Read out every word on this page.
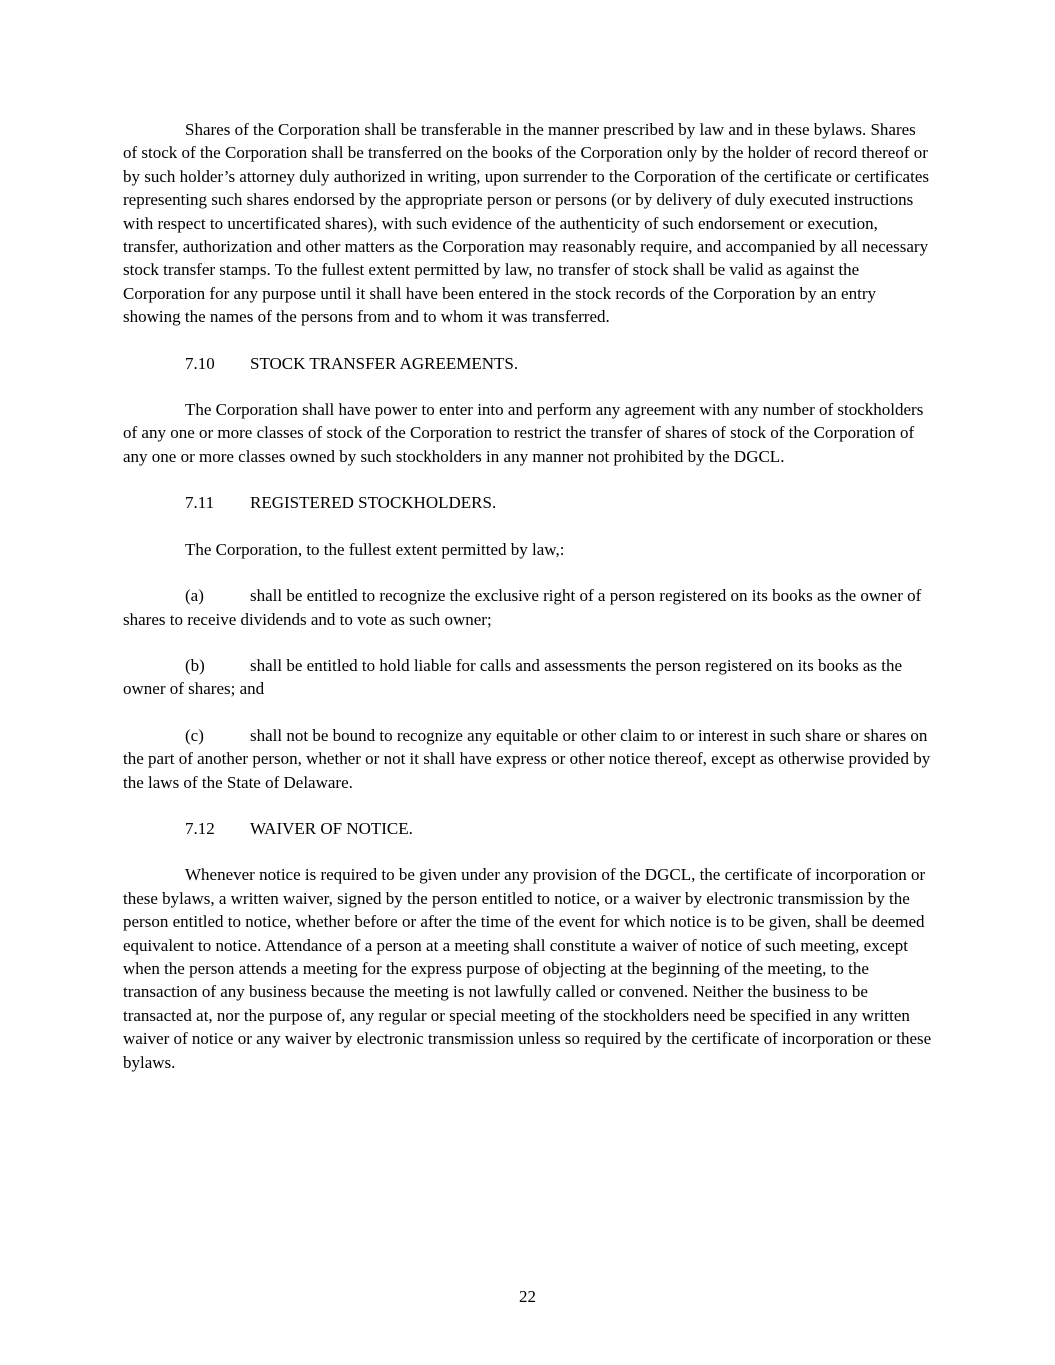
Shares of the Corporation shall be transferable in the manner prescribed by law and in these bylaws. Shares of stock of the Corporation shall be transferred on the books of the Corporation only by the holder of record thereof or by such holder’s attorney duly authorized in writing, upon surrender to the Corporation of the certificate or certificates representing such shares endorsed by the appropriate person or persons (or by delivery of duly executed instructions with respect to uncertificated shares), with such evidence of the authenticity of such endorsement or execution, transfer, authorization and other matters as the Corporation may reasonably require, and accompanied by all necessary stock transfer stamps. To the fullest extent permitted by law, no transfer of stock shall be valid as against the Corporation for any purpose until it shall have been entered in the stock records of the Corporation by an entry showing the names of the persons from and to whom it was transferred.

7.10 STOCK TRANSFER AGREEMENTS.

The Corporation shall have power to enter into and perform any agreement with any number of stockholders of any one or more classes of stock of the Corporation to restrict the transfer of shares of stock of the Corporation of any one or more classes owned by such stockholders in any manner not prohibited by the DGCL.

7.11 REGISTERED STOCKHOLDERS.

The Corporation, to the fullest extent permitted by law,:

(a)	shall be entitled to recognize the exclusive right of a person registered on its books as the owner of shares to receive dividends and to vote as such owner;

(b)	shall be entitled to hold liable for calls and assessments the person registered on its books as the owner of shares; and

(c)	shall not be bound to recognize any equitable or other claim to or interest in such share or shares on the part of another person, whether or not it shall have express or other notice thereof, except as otherwise provided by the laws of the State of Delaware.

7.12 WAIVER OF NOTICE.

Whenever notice is required to be given under any provision of the DGCL, the certificate of incorporation or these bylaws, a written waiver, signed by the person entitled to notice, or a waiver by electronic transmission by the person entitled to notice, whether before or after the time of the event for which notice is to be given, shall be deemed equivalent to notice. Attendance of a person at a meeting shall constitute a waiver of notice of such meeting, except when the person attends a meeting for the express purpose of objecting at the beginning of the meeting, to the transaction of any business because the meeting is not lawfully called or convened. Neither the business to be transacted at, nor the purpose of, any regular or special meeting of the stockholders need be specified in any written waiver of notice or any waiver by electronic transmission unless so required by the certificate of incorporation or these bylaws.

22
